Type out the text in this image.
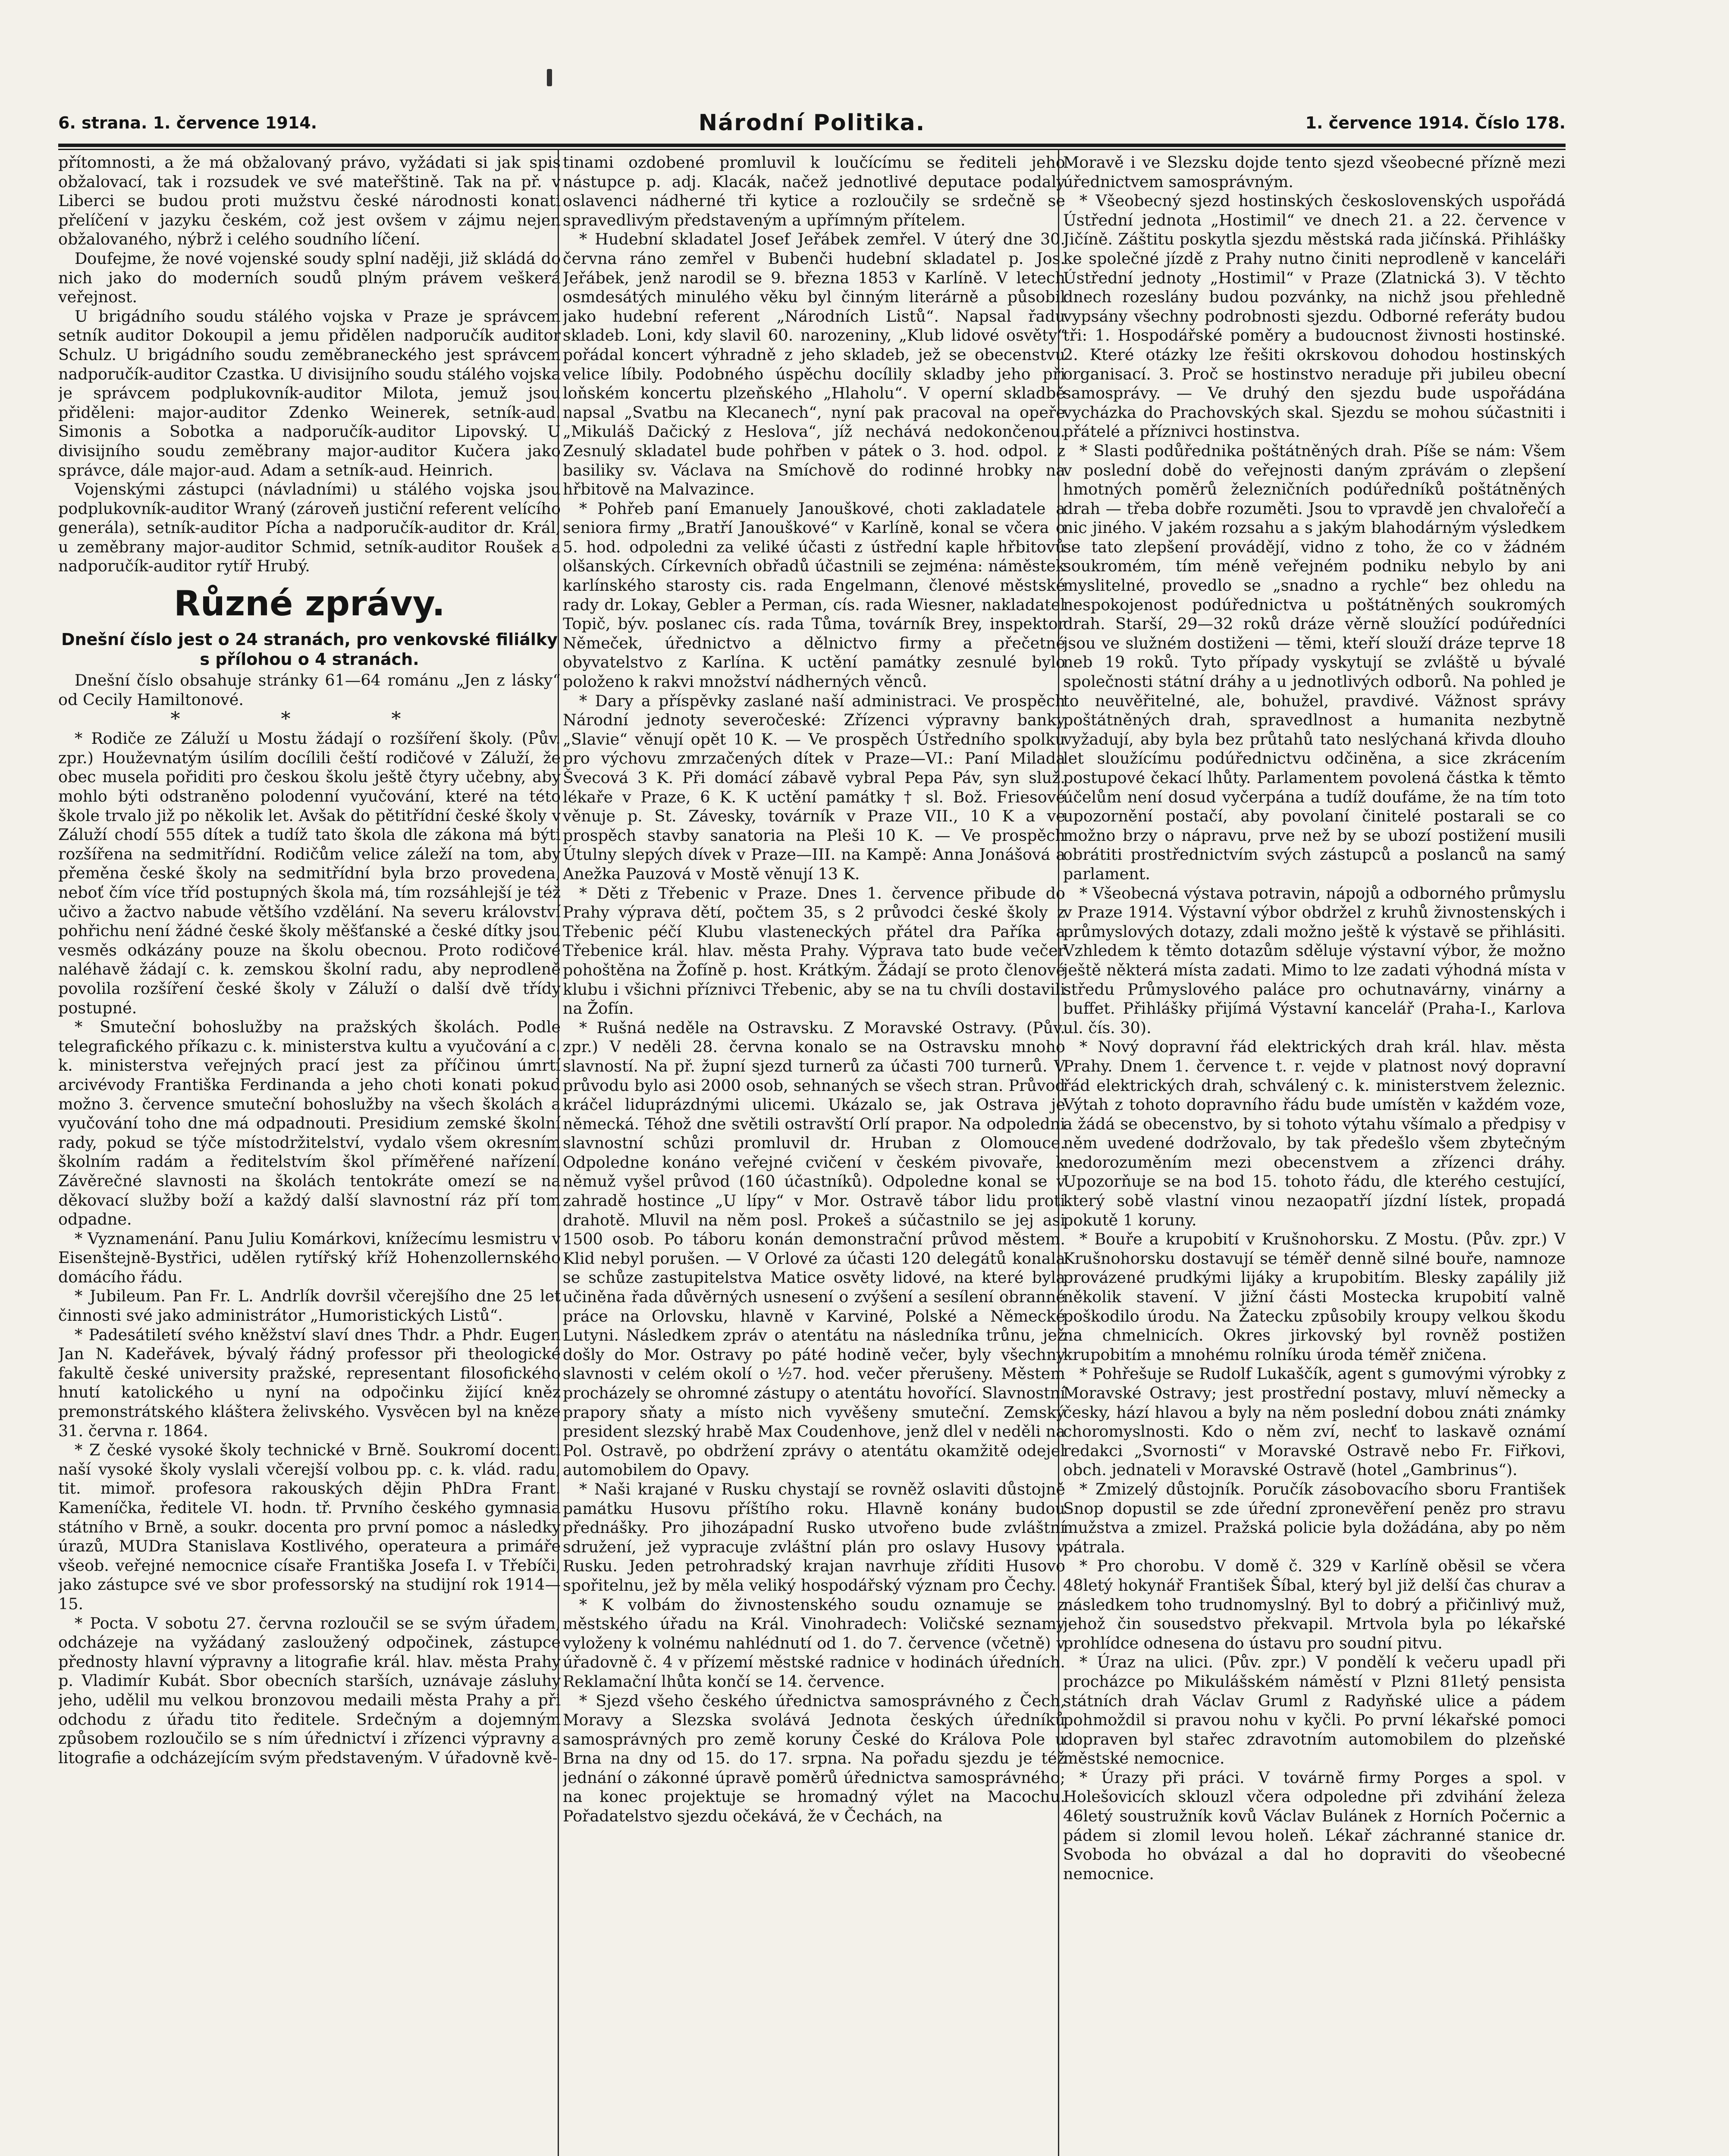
6. strana. 1. července 1914.	Národní Politika.	1. července 1914. Číslo 178.

přítomnosti, a že má obžalovaný právo, vyžádati si jak spis obžalovací, tak i rozsudek ve své mateřštině. Tak na př. v Liberci se budou proti mužstvu české národnosti konati přelíčení v jazyku českém, což jest ovšem v zájmu nejen obžalovaného, nýbrž i celého soudního líčení.

Doufejme, že nové vojenské soudy splní naději, již skládá do nich jako do moderních soudů plným právem veškerá veřejnost.

U brigádního soudu stálého vojska v Praze je správcem setník auditor Dokoupil a jemu přidělen nadporučík auditor Schulz. U brigádního soudu zeměbraneckého jest správcem nadporučík-auditor Czastka. U divisijního soudu stálého vojska je správcem podplukovník-auditor Milota, jemuž jsou přiděleni: major-auditor Zdenko Weinerek, setník-aud. Simonis a Sobotka a nadporučík-auditor Lipovský. U divisijního soudu zeměbrany major-auditor Kučera jako správce, dále major-aud. Adam a setník-aud. Heinrich.

Vojenskými zástupci (návladními) u stálého vojska jsou podplukovník-auditor Wraný (zároveň justiční referent velícího generála), setník-auditor Pícha a nadporučík-auditor dr. Král, u zeměbrany major-auditor Schmid, setník-auditor Roušek a nadporučík-auditor rytíř Hrubý.

Různé zprávy.
Dnešní číslo jest o 24 stranách, pro venkovské filiálky s přílohou o 4 stranách.

Dnešní číslo obsahuje stránky 61—64 románu „Jen z lásky“ od Cecily Hamiltonové.

* * *

* Rodiče ze Záluží u Mostu žádají o rozšíření školy. (Pův. zpr.) Houževnatým úsilím docílili čeští rodičové v Záluží, že obec musela pořiditi pro českou školu ještě čtyry učebny, aby mohlo býti odstraněno polodenní vyučování, které na této škole trvalo již po několik let. Avšak do pětitřídní české školy v Záluží chodí 555 dítek a tudíž tato škola dle zákona má býti rozšířena na sedmitřídní. Rodičům velice záleží na tom, aby přeměna české školy na sedmitřídní byla brzo provedena, neboť čím více tříd postupných škola má, tím rozsáhlejší je též učivo a žactvo nabude většího vzdělání. Na severu království pohřichu není žádné české školy měšťanské a české dítky jsou vesměs odkázány pouze na školu obecnou. Proto rodičové naléhavě žádají c. k. zemskou školní radu, aby neprodleně povolila rozšíření české školy v Záluží o další dvě třídy postupné.

* Smuteční bohoslužby na pražských školách. Podle telegrafického příkazu c. k. ministerstva kultu a vyučování a c. k. ministerstva veřejných prací jest za příčinou úmrtí arcivévody Františka Ferdinanda a jeho choti konati pokud možno 3. července smuteční bohoslužby na všech školách a vyučování toho dne má odpadnouti. Presidium zemské školní rady, pokud se týče místodržitelství, vydalo všem okresním školním radám a ředitelstvím škol příměřené nařízení. Závěrečné slavnosti na školách tentokráte omezí se na děkovací služby boží a každý další slavnostní ráz pří tom odpadne.

* Vyznamenání. Panu Juliu Komárkovi, knížecímu lesmistru v Eisenštejně-Bystřici, udělen rytířský kříž Hohenzollernského domácího řádu.

* Jubileum. Pan Fr. L. Andrlík dovršil včerejšího dne 25 let činnosti své jako administrátor „Humoristických Listů“.

* Padesátiletí svého kněžství slaví dnes Thdr. a Phdr. Eugen Jan N. Kadeřávek, bývalý řádný professor při theologické fakultě české university pražské, representant filosofického hnutí katolického u nyní na odpočinku žijící kněz premonstrátského kláštera želivského. Vysvěcen byl na kněze 31. června r. 1864.

* Z české vysoké školy technické v Brně. Soukromí docenti naší vysoké školy vyslali včerejší volbou pp. c. k. vlád. radu, tit. mimoř. profesora rakouských dějin PhDra Frant. Kameníčka, ředitele VI. hodn. tř. Prvního českého gymnasia státního v Brně, a soukr. docenta pro první pomoc a následky úrazů, MUDra Stanislava Kostlivého, operateura a primáře všeob. veřejné nemocnice císaře Františka Josefa I. v Třebíči, jako zástupce své ve sbor professorský na studijní rok 1914—15.

* Pocta. V sobotu 27. června rozloučil se se svým úřadem, odcházeje na vyžádaný zasloužený odpočinek, zástupce přednosty hlavní výpravny a litografie král. hlav. města Prahy p. Vladimír Kubát. Sbor obecních starších, uznávaje zásluhy jeho, udělil mu velkou bronzovou medaili města Prahy a při odchodu z úřadu tito ředitele. Srdečným a dojemným způsobem rozloučilo se s ním úřednictví i zřízenci výpravny a litografie a odcházejícím svým představeným. V úřadovně kvě-

tinami ozdobené promluvil k loučícímu se řediteli jeho nástupce p. adj. Klacák, načež jednotlivé deputace podaly oslavenci nádherné tři kytice a rozloučily se srdečně se spravedlivým představeným a upřímným přítelem.

* Hudební skladatel Josef Jeřábek zemřel. V úterý dne 30. června ráno zemřel v Bubenči hudební skladatel p. Jos. Jeřábek, jenž narodil se 9. března 1853 v Karlíně. V letech osmdesátých minulého věku byl činným literárně a působil jako hudební referent „Národních Listů“. Napsal řadu skladeb. Loni, kdy slavil 60. narozeniny, „Klub lidové osvěty“ pořádal koncert výhradně z jeho skladeb, jež se obecenstvu velice líbily. Podobného úspěchu docílily skladby jeho při loňském koncertu plzeňského „Hlaholu“. V operní skladbě napsal „Svatbu na Klecanech“, nyní pak pracoval na opeře „Mikuláš Dačický z Heslova“, jíž nechává nedokončenou. Zesnulý skladatel bude pohřben v pátek o 3. hod. odpol. z basiliky sv. Václava na Smíchově do rodinné hrobky na hřbitově na Malvazince.

* Pohřeb paní Emanuely Janouškové, choti zakladatele a seniora firmy „Bratří Janouškové“ v Karlíně, konal se včera o 5. hod. odpoledni za veliké účasti z ústřední kaple hřbitovů olšanských. Církevních obřadů účastnili se zejména: náměstek karlínského starosty cis. rada Engelmann, členové městské rady dr. Lokay, Gebler a Perman, cís. rada Wiesner, nakladatel Topič, býv. poslanec cís. rada Tůma, továrník Brey, inspektor Němeček, úřednictvo a dělnictvo firmy a přečetné obyvatelstvo z Karlína. K uctění památky zesnulé bylo položeno k rakvi množství nádherných věnců.

* Dary a příspěvky zaslané naší administraci. Ve prospěch Národní jednoty severočeské: Zřízenci výpravny banky „Slavie“ věnují opět 10 K. — Ve prospěch Ústředního spolku pro výchovu zmrzačených dítek v Praze—VI.: Paní Milada Švecová 3 K. Při domácí zábavě vybral Pepa Páv, syn služ. lékaře v Praze, 6 K. K uctění památky † sl. Bož. Friesové věnuje p. St. Závesky, továrník v Praze VII., 10 K a ve prospěch stavby sanatoria na Pleši 10 K. — Ve prospěch Útulny slepých dívek v Praze—III. na Kampě: Anna Jonášová a Anežka Pauzová v Mostě věnují 13 K.

* Děti z Třebenic v Praze. Dnes 1. července přibude do Prahy výprava dětí, počtem 35, s 2 průvodci české školy z Třebenic péčí Klubu vlasteneckých přátel dra Paříka a Třebenice král. hlav. města Prahy. Výprava tato bude večer pohoštěna na Žofíně p. host. Krátkým. Žádají se proto členové klubu i všichni příznivci Třebenic, aby se na tu chvíli dostavili na Žofín.

* Rušná neděle na Ostravsku. Z Moravské Ostravy. (Pův. zpr.) V neděli 28. června konalo se na Ostravsku mnoho slavností. Na př. župní sjezd turnerů za účasti 700 turnerů. V průvodu bylo asi 2000 osob, sehnaných se všech stran. Průvod kráčel liduprázdnými ulicemi. Ukázalo se, jak Ostrava je německá. Téhož dne světili ostravští Orlí prapor. Na odpoledni slavnostní schůzi promluvil dr. Hruban z Olomouce. Odpoledne konáno veřejné cvičení v českém pivovaře, k němuž vyšel průvod (160 účastníků). Odpoledne konal se v zahradě hostince „U lípy“ v Mor. Ostravě tábor lidu proti drahotě. Mluvil na něm posl. Prokeš a súčastnilo se jej asi 1500 osob. Po táboru konán demonstrační průvod městem. Klid nebyl porušen. — V Orlové za účasti 120 delegátů konala se schůze zastupitelstva Matice osvěty lidové, na které byla učiněna řada důvěrných usnesení o zvýšení a sesílení obranné práce na Orlovsku, hlavně v Karviné, Polské a Německé Lutyni. Následkem zpráv o atentátu na následníka trůnu, jež došly do Mor. Ostravy po páté hodině večer, byly všechny slavnosti v celém okolí o ½7. hod. večer přerušeny. Městem procházely se ohromné zástupy o atentátu hovořící. Slavnostní prapory sňaty a místo nich vyvěšeny smuteční. Zemský president slezský hrabě Max Coudenhove, jenž dlel v neděli na Pol. Ostravě, po obdržení zprávy o atentátu okamžitě odejel automobilem do Opavy.

* Naši krajané v Rusku chystají se rovněž oslaviti důstojně památku Husovu příštího roku. Hlavně konány budou přednášky. Pro jihozápadní Rusko utvořeno bude zvláštní sdružení, jež vypracuje zvláštní plán pro oslavy Husovy v Rusku. Jeden petrohradský krajan navrhuje zříditi Husovo spořitelnu, jež by měla veliký hospodářský význam pro Čechy.

* K volbám do živnostenského soudu oznamuje se z městského úřadu na Král. Vinohradech: Voličské seznamy vyloženy k volnému nahlédnutí od 1. do 7. července (včetně) v úřadovně č. 4 v přízemí městské radnice v hodinách úředních. Reklamační lhůta končí se 14. července.

* Sjezd všeho českého úřednictva samosprávného z Čech, Moravy a Slezska svolává Jednota českých úředníků samosprávných pro země koruny České do Králova Pole u Brna na dny od 15. do 17. srpna. Na pořadu sjezdu je též jednání o zákonné úpravě poměrů úřednictva samosprávného; na konec projektuje se hromadný výlet na Macochu. Pořadatelstvo sjezdu očekává, že v Čechách, na

Moravě i ve Slezsku dojde tento sjezd všeobecné přízně mezi úřednictvem samosprávným.

* Všeobecný sjezd hostinských československých uspořádá Ústřední jednota „Hostimil“ ve dnech 21. a 22. července v Jičíně. Záštitu poskytla sjezdu městská rada jičínská. Přihlášky ke společné jízdě z Prahy nutno činiti neprodleně v kanceláři Ústřední jednoty „Hostimil“ v Praze (Zlatnická 3). V těchto dnech rozeslány budou pozvánky, na nichž jsou přehledně vypsány všechny podrobnosti sjezdu. Odborné referáty budou tři: 1. Hospodářské poměry a budoucnost živnosti hostinské. 2. Které otázky lze řešiti okrskovou dohodou hostinských organisací. 3. Proč se hostinstvo neraduje při jubileu obecní samosprávy. — Ve druhý den sjezdu bude uspořádána vycházka do Prachovských skal. Sjezdu se mohou súčastniti i přátelé a příznivci hostinstva.

* Slasti podůřednika poštátněných drah. Píše se nám: Všem v poslední době do veřejnosti daným zprávám o zlepšení hmotných poměrů železničních podúředníků poštátněných drah — třeba dobře rozuměti. Jsou to vpravdě jen chvalořečí a nic jiného. V jakém rozsahu a s jakým blahodárným výsledkem se tato zlepšení provádějí, vidno z toho, že co v žádném soukromém, tím méně veřejném podniku nebylo by ani myslitelné, provedlo se „snadno a rychle“ bez ohledu na nespokojenost podúřednictva u poštátněných soukromých drah. Starší, 29—32 roků dráze věrně sloužící podúředníci jsou ve služném dostiženi — těmi, kteří slouží dráze teprve 18 neb 19 roků. Tyto případy vyskytují se zvláště u bývalé společnosti státní dráhy a u jednotlivých odborů. Na pohled je to neuvěřitelné, ale, bohužel, pravdivé. Vážnost správy poštátněných drah, spravedlnost a humanita nezbytně vyžadují, aby byla bez průtahů tato neslýchaná křivda dlouho let sloužícímu podúřednictvu odčiněna, a sice zkrácením postupové čekací lhůty. Parlamentem povolená částka k těmto účelům není dosud vyčerpána a tudíž doufáme, že na tím toto upozornění postačí, aby povolaní činitelé postarali se co možno brzy o nápravu, prve než by se ubozí postižení musili obrátiti prostřednictvím svých zástupců a poslanců na samý parlament.

* Všeobecná výstava potravin, nápojů a odborného průmyslu v Praze 1914. Výstavní výbor obdržel z kruhů živnostenských i průmyslových dotazy, zdali možno ještě k výstavě se přihlásiti. Vzhledem k těmto dotazům sděluje výstavní výbor, že možno ještě některá místa zadati. Mimo to lze zadati výhodná místa v středu Průmyslového paláce pro ochutnavárny, vinárny a buffet. Přihlášky přijímá Výstavní kancelář (Praha-I., Karlova ul. čís. 30).

* Nový dopravní řád elektrických drah král. hlav. města Prahy. Dnem 1. července t. r. vejde v platnost nový dopravní řád elektrických drah, schválený c. k. ministerstvem železnic. Výtah z tohoto dopravního řádu bude umístěn v každém voze, a žádá se obecenstvo, by si tohoto výtahu všímalo a předpisy v něm uvedené dodržovalo, by tak předešlo všem zbytečným nedorozuměním mezi obecenstvem a zřízenci dráhy. Upozorňuje se na bod 15. tohoto řádu, dle kterého cestující, který sobě vlastní vinou nezaopatří jízdní lístek, propadá pokutě 1 koruny.

* Bouře a krupobití v Krušnohorsku. Z Mostu. (Pův. zpr.) V Krušnohorsku dostavují se téměř denně silné bouře, namnoze provázené prudkými lijáky a krupobitím. Blesky zapálily již několik stavení. V jižní části Mostecka krupobití valně poškodilo úrodu. Na Žatecku způsobily kroupy velkou škodu na chmelnicích. Okres jirkovský byl rovněž postižen krupobitím a mnohému rolníku úroda téměř zničena.

* Pohřešuje se Rudolf Lukaščík, agent s gumovými výrobky z Moravské Ostravy; jest prostřední postavy, mluví německy a česky, hází hlavou a byly na něm poslední dobou znáti známky choromyslnosti. Kdo o něm zví, nechť to laskavě oznámí redakci „Svornosti“ v Moravské Ostravě nebo Fr. Fiřkovi, obch. jednateli v Moravské Ostravě (hotel „Gambrinus“).

* Zmizelý důstojník. Poručík zásobovacího sboru František Snop dopustil se zde úřední zpronevěření peněz pro stravu mužstva a zmizel. Pražská policie byla dožádána, aby po něm pátrala.

* Pro chorobu. V domě č. 329 v Karlíně oběsil se včera 48letý hokynář František Šíbal, který byl již delší čas churav a následkem toho trudnomyslný. Byl to dobrý a přičinlivý muž, jehož čin sousedstvo překvapil. Mrtvola byla po lékařské prohlídce odnesena do ústavu pro soudní pitvu.

* Úraz na ulici. (Pův. zpr.) V pondělí k večeru upadl při procházce po Mikulášském náměstí v Plzni 81letý pensista státních drah Václav Gruml z Radyňské ulice a pádem pohmoždil si pravou nohu v kyčli. Po první lékařské pomoci dopraven byl stařec zdravotním automobilem do plzeňské městské nemocnice.

* Úrazy při práci. V továrně firmy Porges a spol. v Holešovicích sklouzl včera odpoledne při zdvihání železa 46letý soustružník kovů Václav Bulánek z Horních Počernic a pádem si zlomil levou holeň. Lékař záchranné stanice dr. Svoboda ho obvázal a dal ho dopraviti do všeobecné nemocnice.
